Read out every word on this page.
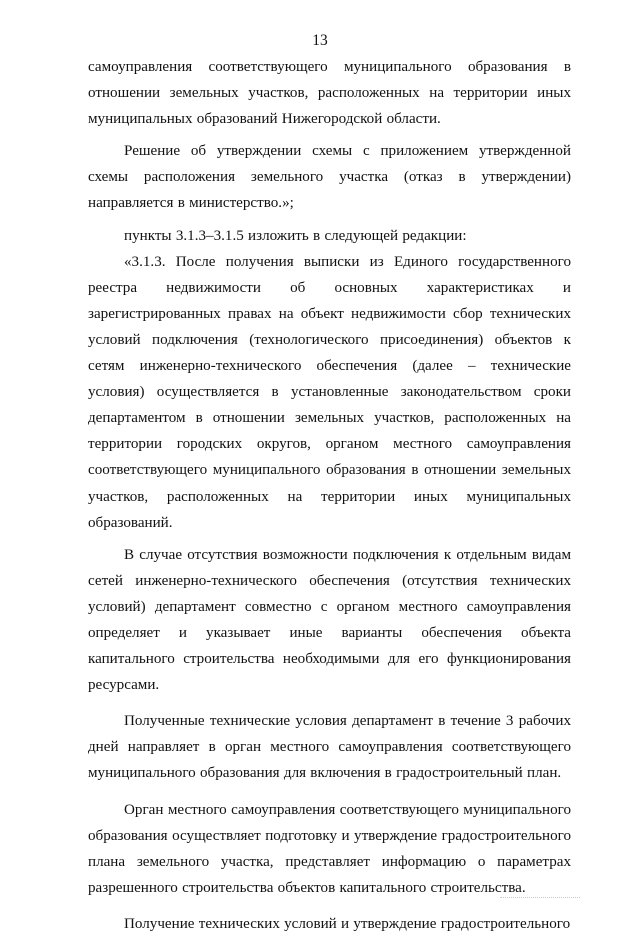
13

самоуправления соответствующего муниципального образования в отношении земельных участков, расположенных на территории иных муниципальных образований Нижегородской области.

Решение об утверждении схемы с приложением утвержденной схемы расположения земельного участка (отказ в утверждении) направляется в министерство.»;

пункты 3.1.3–3.1.5 изложить в следующей редакции:

«3.1.3. После получения выписки из Единого государственного реестра недвижимости об основных характеристиках и зарегистрированных правах на объект недвижимости сбор технических условий подключения (технологического присоединения) объектов к сетям инженерно-технического обеспечения (далее – технические условия) осуществляется в установленные законодательством сроки департаментом в отношении земельных участков, расположенных на территории городских округов, органом местного самоуправления соответствующего муниципального образования в отношении земельных участков, расположенных на территории иных муниципальных образований.

В случае отсутствия возможности подключения к отдельным видам сетей инженерно-технического обеспечения (отсутствия технических условий) департамент совместно с органом местного самоуправления определяет и указывает иные варианты обеспечения объекта капитального строительства необходимыми для его функционирования ресурсами.

Полученные технические условия департамент в течение 3 рабочих дней направляет в орган местного самоуправления соответствующего муниципального образования для включения в градостроительный план.

Орган местного самоуправления соответствующего муниципального образования осуществляет подготовку и утверждение градостроительного плана земельного участка, представляет информацию о параметрах разрешенного строительства объектов капитального строительства.

Получение технических условий и утверждение градостроительного
